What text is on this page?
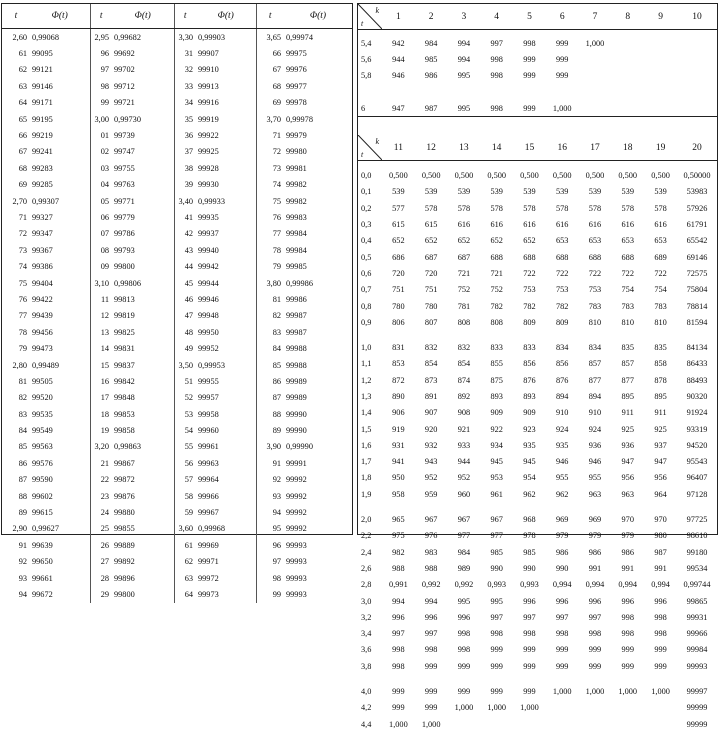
t	Φ(t)	t	Φ(t)	t	Φ(t)	t	Φ(t)
2,60	0,99068	2,95	0,99682	3,30	0,99903	3,65	0,99974
61	99095	96	99692	31	99907	66	99975
62	99121	97	99702	32	99910	67	99976
63	99146	98	99712	33	99913	68	99977
64	99171	99	99721	34	99916	69	99978
65	99195	3,00	0,99730	35	99919	3,70	0,99978
66	99219	01	99739	36	99922	71	99979
67	99241	02	99747	37	99925	72	99980
68	99283	03	99755	38	99928	73	99981
69	99285	04	99763	39	99930	74	99982
2,70	0,99307	05	99771	3,40	0,99933	75	99982
71	99327	06	99779	41	99935	76	99983
72	99347	07	99786	42	99937	77	99984
73	99367	08	99793	43	99940	78	99984
74	99386	09	99800	44	99942	79	99985
75	99404	3,10	0,99806	45	99944	3,80	0,99986
76	99422	11	99813	46	99946	81	99986
77	99439	12	99819	47	99948	82	99987
78	99456	13	99825	48	99950	83	99987
79	99473	14	99831	49	99952	84	99988
2,80	0,99489	15	99837	3,50	0,99953	85	99988
81	99505	16	99842	51	99955	86	99989
82	99520	17	99848	52	99957	87	99989
83	99535	18	99853	53	99958	88	99990
84	99549	19	99858	54	99960	89	99990
85	99563	3,20	0,99863	55	99961	3,90	0,99990
86	99576	21	99867	56	99963	91	99991
87	99590	22	99872	57	99964	92	99992
88	99602	23	99876	58	99966	93	99992
89	99615	24	99880	59	99967	94	99992
2,90	0,99627	25	99855	3,60	0,99968	95	99992
91	99639	26	99889	61	99969	96	99993
92	99650	27	99892	62	99971	97	99993
93	99661	28	99896	63	99972	98	99993
94	99672	29	99800	64	99973	99	99993
k
t	1	2	3	4	5	6	7	8	9	10

5,4	942	984	994	997	998	999	1,000			
5,6	944	985	994	998	999	999				
5,8	946	986	995	998	999	999				

6	947	987	995	998	999	1,000				
k
t	11	12	13	14	15	16	17	18	19	20

0,0	0,500	0,500	0,500	0,500	0,500	0,500	0,500	0,500	0,500	0,50000
0,1	539	539	539	539	539	539	539	539	539	53983
0,2	577	578	578	578	578	578	578	578	578	57926
0,3	615	615	616	616	616	616	616	616	616	61791
0,4	652	652	652	652	652	653	653	653	653	65542
0,5	686	687	687	688	688	688	688	688	689	69146
0,6	720	720	721	721	722	722	722	722	722	72575
0,7	751	751	752	752	753	753	753	754	754	75804
0,8	780	780	781	782	782	782	783	783	783	78814
0,9	806	807	808	808	809	809	810	810	810	81594

1,0	831	832	832	833	833	834	834	835	835	84134
1,1	853	854	854	855	856	856	857	857	858	86433
1,2	872	873	874	875	876	876	877	877	878	88493
1,3	890	891	892	893	893	894	894	895	895	90320
1,4	906	907	908	909	909	910	910	911	911	91924
1,5	919	920	921	922	923	924	924	925	925	93319
1,6	931	932	933	934	935	935	936	936	937	94520
1,7	941	943	944	945	945	946	946	947	947	95543
1,8	950	952	952	953	954	955	955	956	956	96407
1,9	958	959	960	961	962	962	963	963	964	97128

2,0	965	967	967	967	968	969	969	970	970	97725
2,2	975	976	977	977	978	979	979	979	980	98610
2,4	982	983	984	985	985	986	986	986	987	99180
2,6	988	988	989	990	990	990	991	991	991	99534
2,8	0,991	0,992	0,992	0,993	0,993	0,994	0,994	0,994	0,994	0,99744
3,0	994	994	995	995	996	996	996	996	996	99865
3,2	996	996	996	997	997	997	997	998	998	99931
3,4	997	997	998	998	998	998	998	998	998	99966
3,6	998	998	998	999	999	999	999	999	999	99984
3,8	998	999	999	999	999	999	999	999	999	99993

4,0	999	999	999	999	999	1,000	1,000	1,000	1,000	99997
4,2	999	999	1,000	1,000	1,000					99999
4,4	1,000	1,000								99999
